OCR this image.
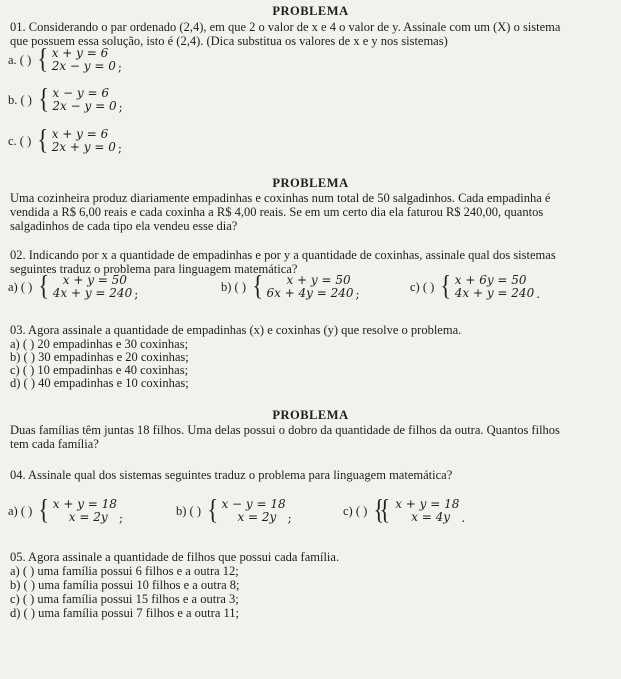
PROBLEMA
01. Considerando o par ordenado (2,4), em que 2 o valor de x e 4 o valor de y. Assinale com um (X) o sistema
que possuem essa solução, isto é (2,4). (Dica substitua os valores de x e y nos sistemas)
a. ( ) { x + y = 6
2x − y = 0 ;
b. ( ) { x − y = 6
2x − y = 0 ;
c. ( ) { x + y = 6
2x + y = 0 ;
PROBLEMA
Uma cozinheira produz diariamente empadinhas e coxinhas num total de 50 salgadinhos. Cada empadinha é
vendida a R$ 6,00 reais e cada coxinha a R$ 4,00 reais. Se em um certo dia ela faturou R$ 240,00, quantos
salgadinhos de cada tipo ela vendeu esse dia?
02. Indicando por x a quantidade de empadinhas e por y a quantidade de coxinhas, assinale qual dos sistemas
seguintes traduz o problema para linguagem matemática?
a) ( ) {	x + y = 50
4x + y = 240 ;	b) ( ) {	x + y = 50
6x + 4y = 240 ;	c) ( ) { x + 6y = 50
4x + y = 240 .
03. Agora assinale a quantidade de empadinhas (x) e coxinhas (y) que resolve o problema.
a) ( ) 20 empadinhas e 30 coxinhas;
b) ( ) 30 empadinhas e 20 coxinhas;
c) ( ) 10 empadinhas e 40 coxinhas;
d) ( ) 40 empadinhas e 10 coxinhas;
PROBLEMA
Duas famílias têm juntas 18 filhos. Uma delas possui o dobro da quantidade de filhos da outra. Quantos filhos
tem cada família?
04. Assinale qual dos sistemas seguintes traduz o problema para linguagem matemática?
a) ( ) { x + y = 18
x = 2y ;	b) ( ) { x − y = 18
x = 2y ;	c) ( ) {{ x + y = 18
x = 4y .
05. Agora assinale a quantidade de filhos que possui cada família.
a) ( ) uma família possui 6 filhos e a outra 12;
b) ( ) uma família possui 10 filhos e a outra 8;
c) ( ) uma família possui 15 filhos e a outra 3;
d) ( ) uma família possui 7 filhos e a outra 11;
